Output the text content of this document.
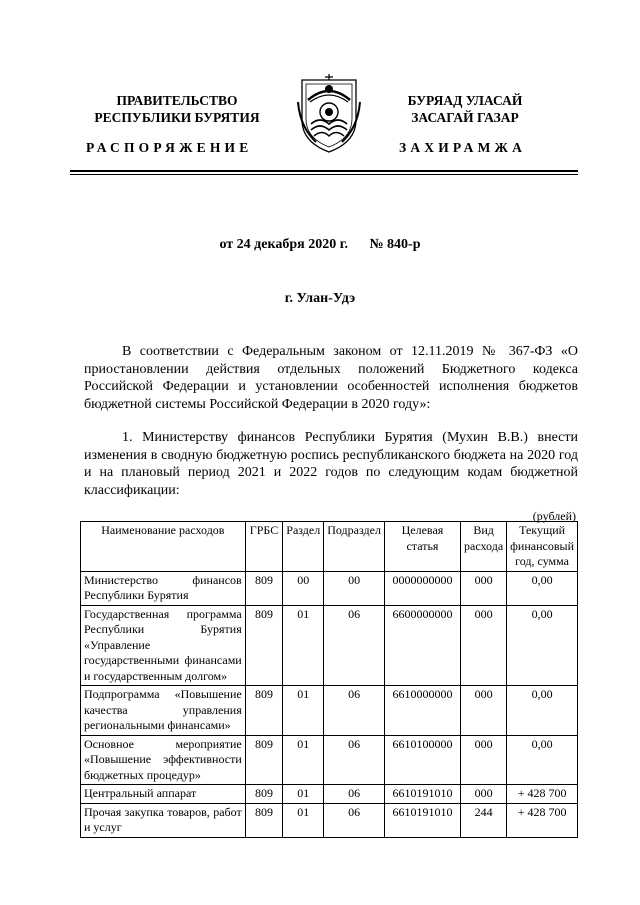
ПРАВИТЕЛЬСТВО
РЕСПУБЛИКИ БУРЯТИЯ
БУРЯАД УЛАСАЙ
ЗАСАГАЙ ГАЗАР
РАСПОРЯЖЕНИЕ	ЗАХИРАМЖА
от 24 декабря 2020 г. № 840-р
г. Улан-Удэ
В соответствии с Федеральным законом от 12.11.2019 № 367-ФЗ «О приостановлении действия отдельных положений Бюджетного кодекса Российской Федерации и установлении особенностей исполнения бюджетов бюджетной системы Российской Федерации в 2020 году»:
1. Министерству финансов Республики Бурятия (Мухин В.В.) внести изменения в сводную бюджетную роспись республиканского бюджета на 2020 год и на плановый период 2021 и 2022 годов по следующим кодам бюджетной классификации:
(рублей)
Наименование расходов	ГРБС	Раздел	Подраздел	Целевая статья	Вид расхода	Текущий финансовый год, сумма
Министерство финансов Республики Бурятия	809	00	00	0000000000	000	0,00
Государственная программа Республики Бурятия «Управление государственными финансами и государственным долгом»	809	01	06	6600000000	000	0,00
Подпрограмма «Повышение качества управления региональными финансами»	809	01	06	6610000000	000	0,00
Основное мероприятие «Повышение эффективности бюджетных процедур»	809	01	06	6610100000	000	0,00
Центральный аппарат	809	01	06	6610191010	000	+ 428 700
Прочая закупка товаров, работ и услуг	809	01	06	6610191010	244	+ 428 700
